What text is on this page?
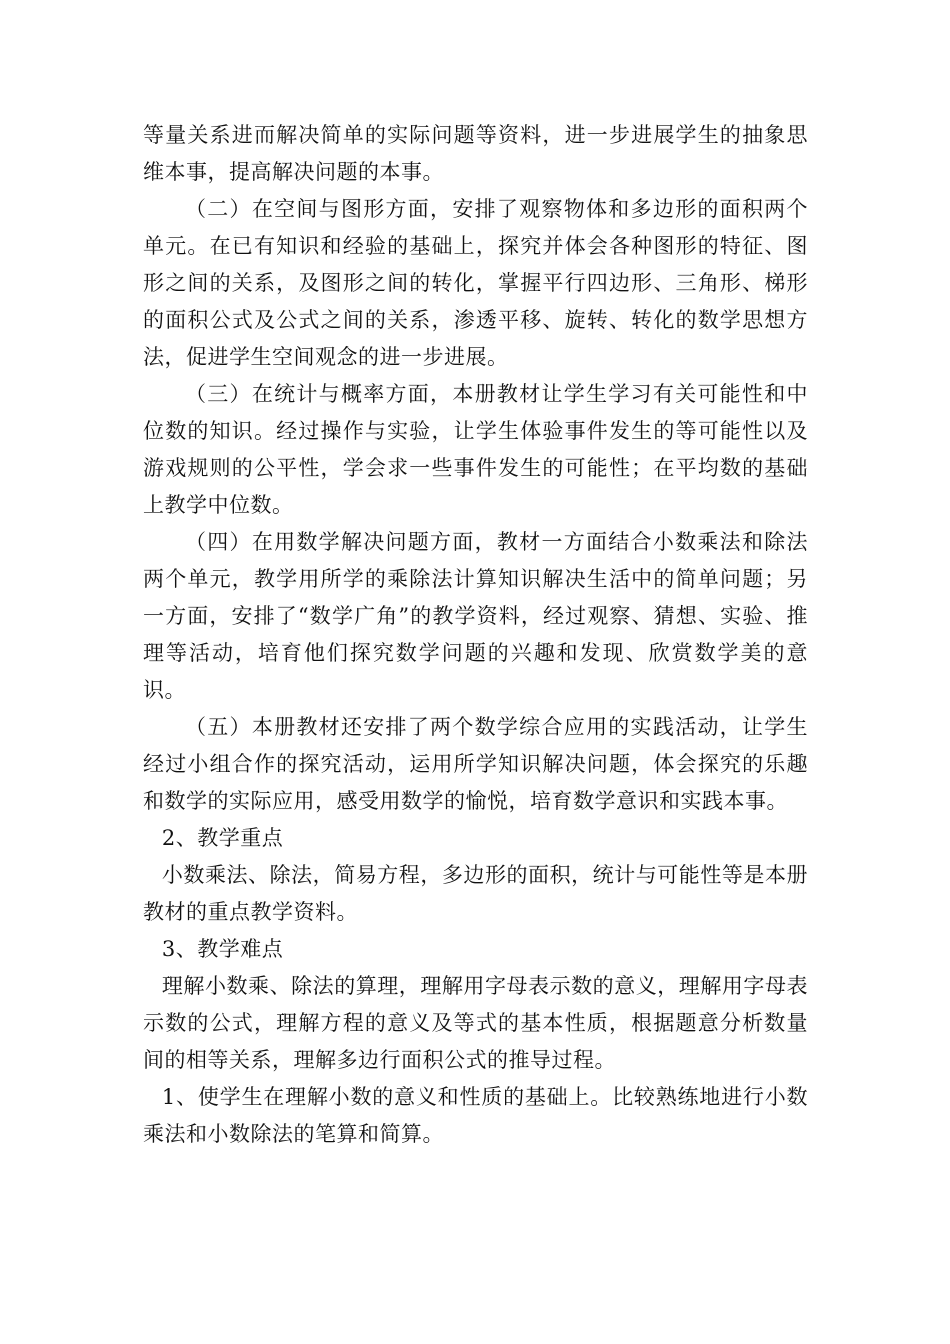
等量关系进而解决简单的实际问题等资料，进一步进展学生的抽象思维本事，提高解决问题的本事。

（二）在空间与图形方面，安排了观察物体和多边形的面积两个单元。在已有知识和经验的基础上，探究并体会各种图形的特征、图形之间的关系，及图形之间的转化，掌握平行四边形、三角形、梯形的面积公式及公式之间的关系，渗透平移、旋转、转化的数学思想方法，促进学生空间观念的进一步进展。

（三）在统计与概率方面，本册教材让学生学习有关可能性和中位数的知识。经过操作与实验，让学生体验事件发生的等可能性以及游戏规则的公平性，学会求一些事件发生的可能性；在平均数的基础上教学中位数。

（四）在用数学解决问题方面，教材一方面结合小数乘法和除法两个单元，教学用所学的乘除法计算知识解决生活中的简单问题；另一方面，安排了“数学广角”的教学资料，经过观察、猜想、实验、推理等活动，培育他们探究数学问题的兴趣和发现、欣赏数学美的意识。

（五）本册教材还安排了两个数学综合应用的实践活动，让学生经过小组合作的探究活动，运用所学知识解决问题，体会探究的乐趣和数学的实际应用，感受用数学的愉悦，培育数学意识和实践本事。

2、教学重点

小数乘法、除法，简易方程，多边形的面积，统计与可能性等是本册教材的重点教学资料。

3、教学难点

理解小数乘、除法的算理，理解用字母表示数的意义，理解用字母表示数的公式，理解方程的意义及等式的基本性质，根据题意分析数量间的相等关系，理解多边行面积公式的推导过程。

1、使学生在理解小数的意义和性质的基础上。比较熟练地进行小数乘法和小数除法的笔算和简算。
